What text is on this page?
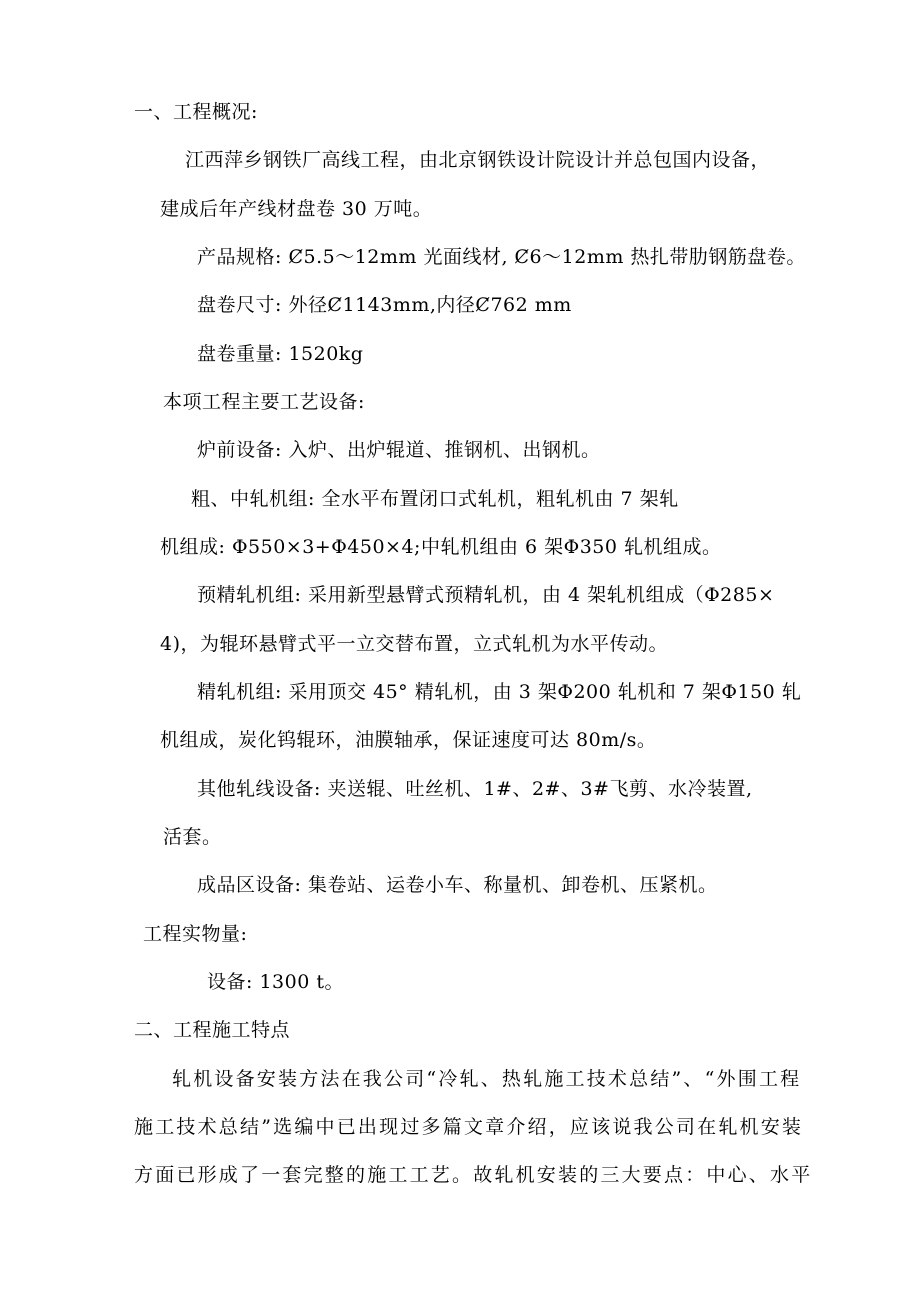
一、工程概况:
江西萍乡钢铁厂高线工程，由北京钢铁设计院设计并总包国内设备，
建成后年产线材盘卷 30 万吨。
产品规格: Ȼ5.5～12mm 光面线材, Ȼ6～12mm 热扎带肋钢筋盘卷。
盘卷尺寸: 外径Ȼ1143mm,内径Ȼ762 mm
盘卷重量: 1520kg
本项工程主要工艺设备:
炉前设备: 入炉、出炉辊道、推钢机、出钢机。
粗、中轧机组: 全水平布置闭口式轧机，粗轧机由 7 架轧
机组成: Φ550×3+Φ450×4;中轧机组由 6 架Φ350 轧机组成。
预精轧机组: 采用新型悬臂式预精轧机，由 4 架轧机组成（Φ285×
4)，为辊环悬臂式平一立交替布置，立式轧机为水平传动。
精轧机组: 采用顶交 45° 精轧机，由 3 架Φ200 轧机和 7 架Φ150 轧
机组成，炭化钨辊环，油膜轴承，保证速度可达 80m/s。
其他轧线设备: 夹送辊、吐丝机、1#、2#、3#飞剪、水冷装置,
活套。
成品区设备: 集卷站、运卷小车、称量机、卸卷机、压紧机。
工程实物量:
设备: 1300 t。
二、工程施工特点
轧机设备安装方法在我公司“冷轧、热轧施工技术总结”、“外围工程
施工技术总结”选编中已出现过多篇文章介绍，应该说我公司在轧机安装
方面已形成了一套完整的施工工艺。故轧机安装的三大要点：中心、水平
